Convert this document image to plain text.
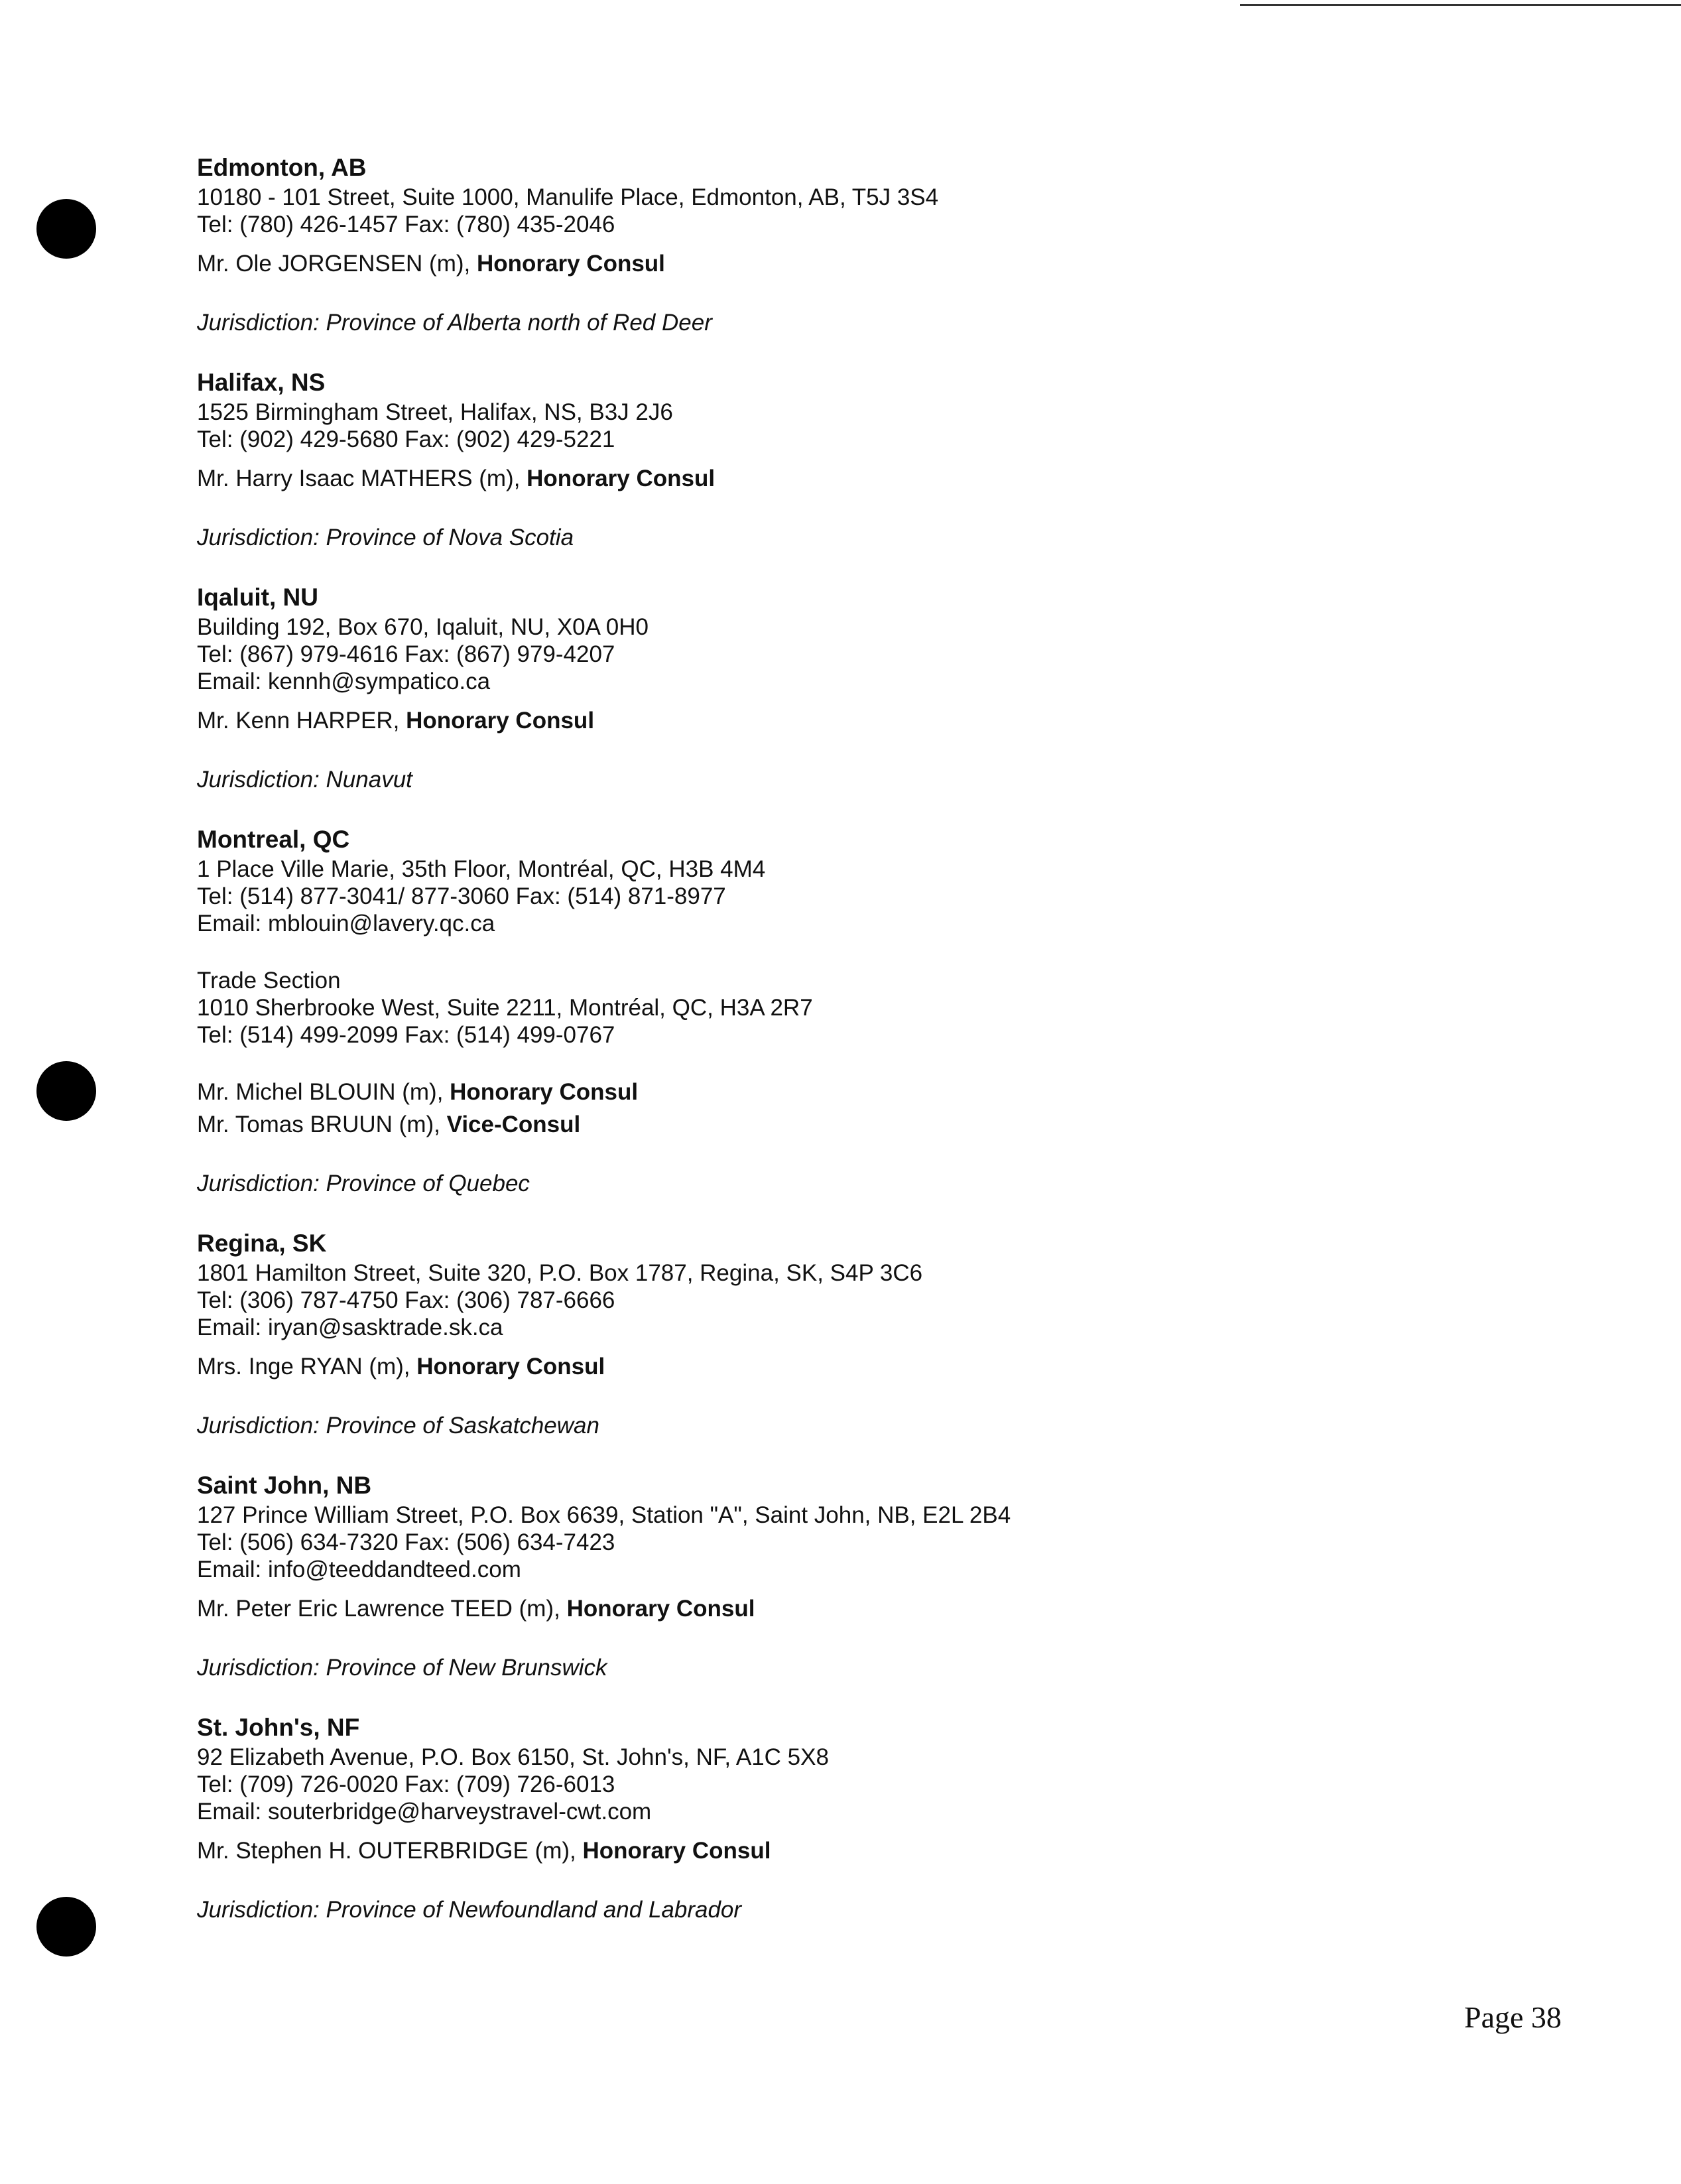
Edmonton, AB
10180 - 101 Street, Suite 1000, Manulife Place, Edmonton, AB, T5J 3S4
Tel: (780) 426-1457 Fax: (780) 435-2046
Mr. Ole JORGENSEN (m), Honorary Consul
Jurisdiction: Province of Alberta north of Red Deer
Halifax, NS
1525 Birmingham Street, Halifax, NS, B3J 2J6
Tel: (902) 429-5680 Fax: (902) 429-5221
Mr. Harry Isaac MATHERS (m), Honorary Consul
Jurisdiction: Province of Nova Scotia
Iqaluit, NU
Building 192, Box 670, Iqaluit, NU, X0A 0H0
Tel: (867) 979-4616 Fax: (867) 979-4207
Email: kennh@sympatico.ca
Mr. Kenn HARPER, Honorary Consul
Jurisdiction: Nunavut
Montreal, QC
1 Place Ville Marie, 35th Floor, Montréal, QC, H3B 4M4
Tel: (514) 877-3041/ 877-3060 Fax: (514) 871-8977
Email: mblouin@lavery.qc.ca
Trade Section
1010 Sherbrooke West, Suite 2211, Montréal, QC, H3A 2R7
Tel: (514) 499-2099 Fax: (514) 499-0767
Mr. Michel BLOUIN (m), Honorary Consul
Mr. Tomas BRUUN (m), Vice-Consul
Jurisdiction: Province of Quebec
Regina, SK
1801 Hamilton Street, Suite 320, P.O. Box 1787, Regina, SK, S4P 3C6
Tel: (306) 787-4750 Fax: (306) 787-6666
Email: iryan@sasktrade.sk.ca
Mrs. Inge RYAN (m), Honorary Consul
Jurisdiction: Province of Saskatchewan
Saint John, NB
127 Prince William Street, P.O. Box 6639, Station "A", Saint John, NB, E2L 2B4
Tel: (506) 634-7320 Fax: (506) 634-7423
Email: info@teeddandteed.com
Mr. Peter Eric Lawrence TEED (m), Honorary Consul
Jurisdiction: Province of New Brunswick
St. John's, NF
92 Elizabeth Avenue, P.O. Box 6150, St. John's, NF, A1C 5X8
Tel: (709) 726-0020 Fax: (709) 726-6013
Email: souterbridge@harveystravel-cwt.com
Mr. Stephen H. OUTERBRIDGE (m), Honorary Consul
Jurisdiction: Province of Newfoundland and Labrador
Page 38
